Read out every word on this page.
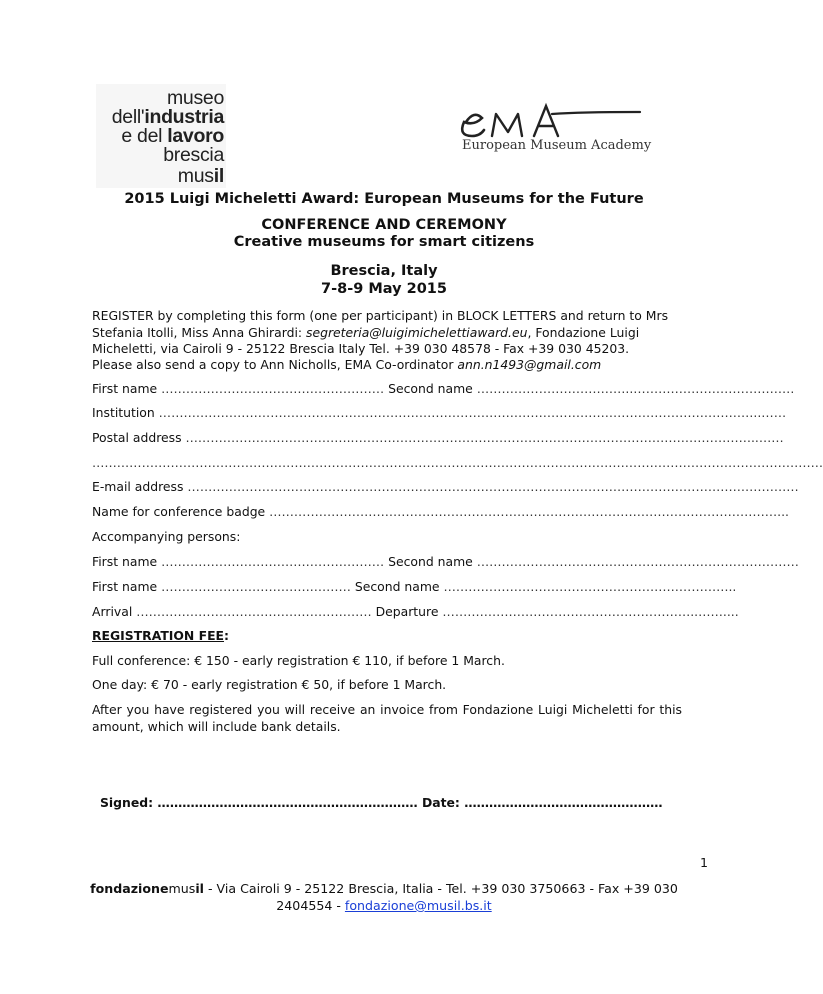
museo
dell'industria
e del lavoro
brescia
musil
European Museum Academy
2015 Luigi Micheletti Award: European Museums for the Future
CONFERENCE AND CEREMONY
Creative museums for smart citizens
Brescia, Italy
7-8-9 May 2015
REGISTER by completing this form (one per participant) in BLOCK LETTERS and return to Mrs Stefania Itolli, Miss Anna Ghirardi: segreteria@luigimichelettiaward.eu, Fondazione Luigi Micheletti, via Cairoli 9 - 25122 Brescia Italy Tel. +39 030 48578 - Fax +39 030 45203.
Please also send a copy to Ann Nicholls, EMA Co-ordinator ann.n1493@gmail.com
First name ……………………………………………… Second name ………………………………..…………………………………
Institution ………………………………………………………………………………………………………………………………..……
Postal address …………………………………..……………………………………………………………………………………..……
……………………………………………………………………………………………………………………………………………………………
E-mail address ………………………………………………………………………………………………………………………………….
Name for conference badge ……………………………………………………………………………………………………………...
Accompanying persons:
First name ……………………………………………… Second name ……………………………………………………………………
First name ……………………………….……… Second name ……………………………………………………………..
Arrival ………………………………………………… Departure ……………………………………………………..……....
REGISTRATION FEE:
Full conference: € 150 - early registration € 110, if before 1 March.
One day: € 70 - early registration € 50, if before 1 March.
After you have registered you will receive an invoice from Fondazione Luigi Micheletti for this amount, which will include bank details.
Signed: ……………………………………………………… Date: …………………………………………
1
fondazionemusil - Via Cairoli 9 - 25122 Brescia, Italia - Tel. +39 030 3750663 - Fax +39 030
2404554 - fondazione@musil.bs.it
